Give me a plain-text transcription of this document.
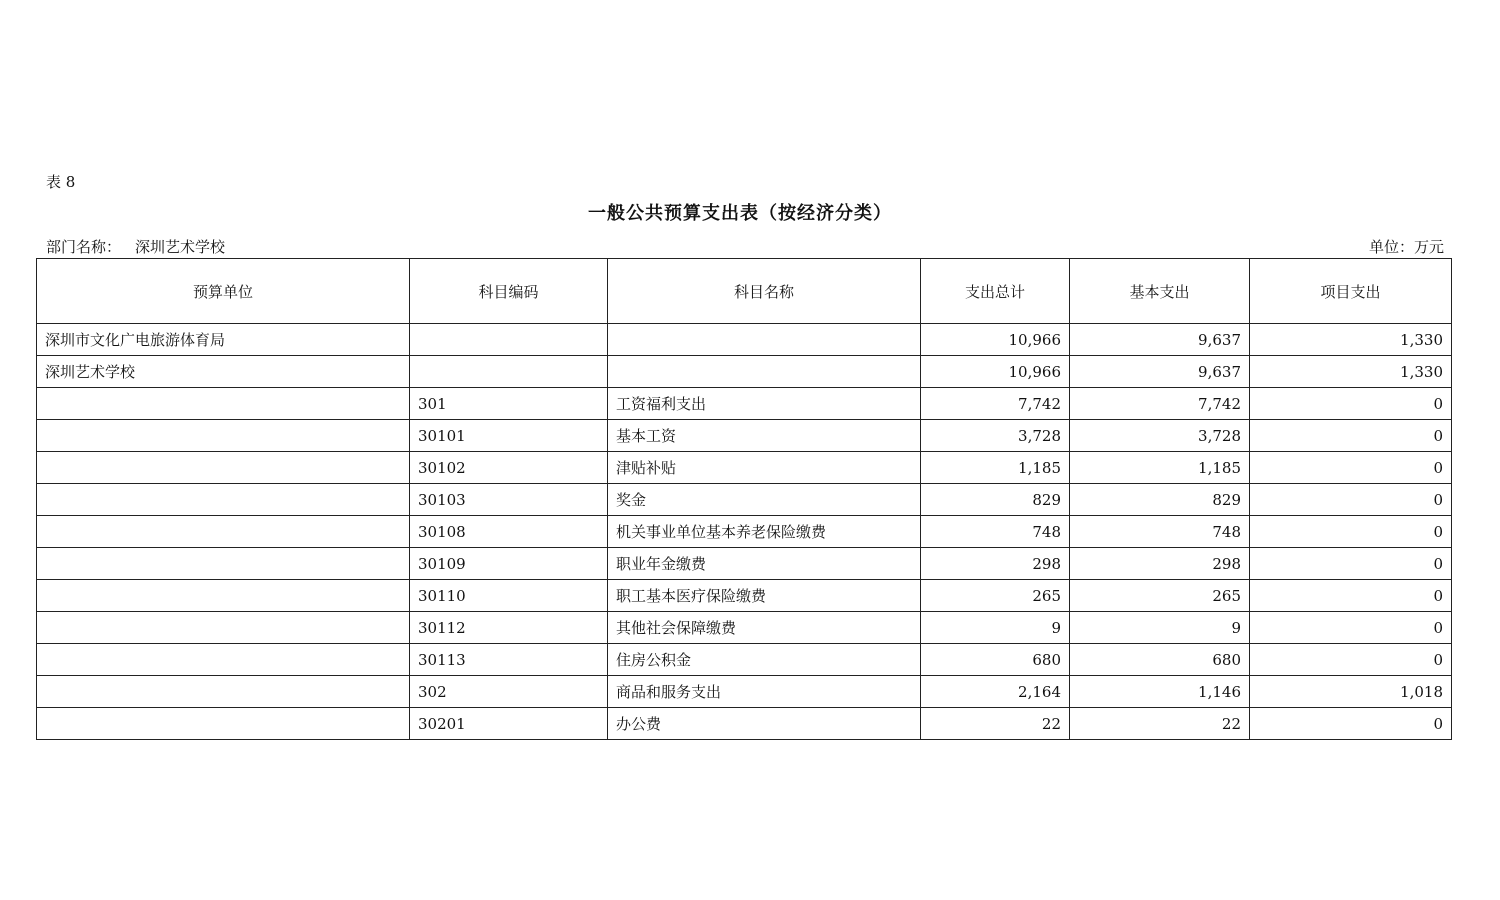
表 8
一般公共预算支出表（按经济分类）
部门名称： 深圳艺术学校	单位：万元
预算单位	科目编码	科目名称	支出总计	基本支出	项目支出
深圳市文化广电旅游体育局			10,966	9,637	1,330
深圳艺术学校			10,966	9,637	1,330
	301	工资福利支出	7,742	7,742	0
	30101	基本工资	3,728	3,728	0
	30102	津贴补贴	1,185	1,185	0
	30103	奖金	829	829	0
	30108	机关事业单位基本养老保险缴费	748	748	0
	30109	职业年金缴费	298	298	0
	30110	职工基本医疗保险缴费	265	265	0
	30112	其他社会保障缴费	9	9	0
	30113	住房公积金	680	680	0
	302	商品和服务支出	2,164	1,146	1,018
	30201	办公费	22	22	0
